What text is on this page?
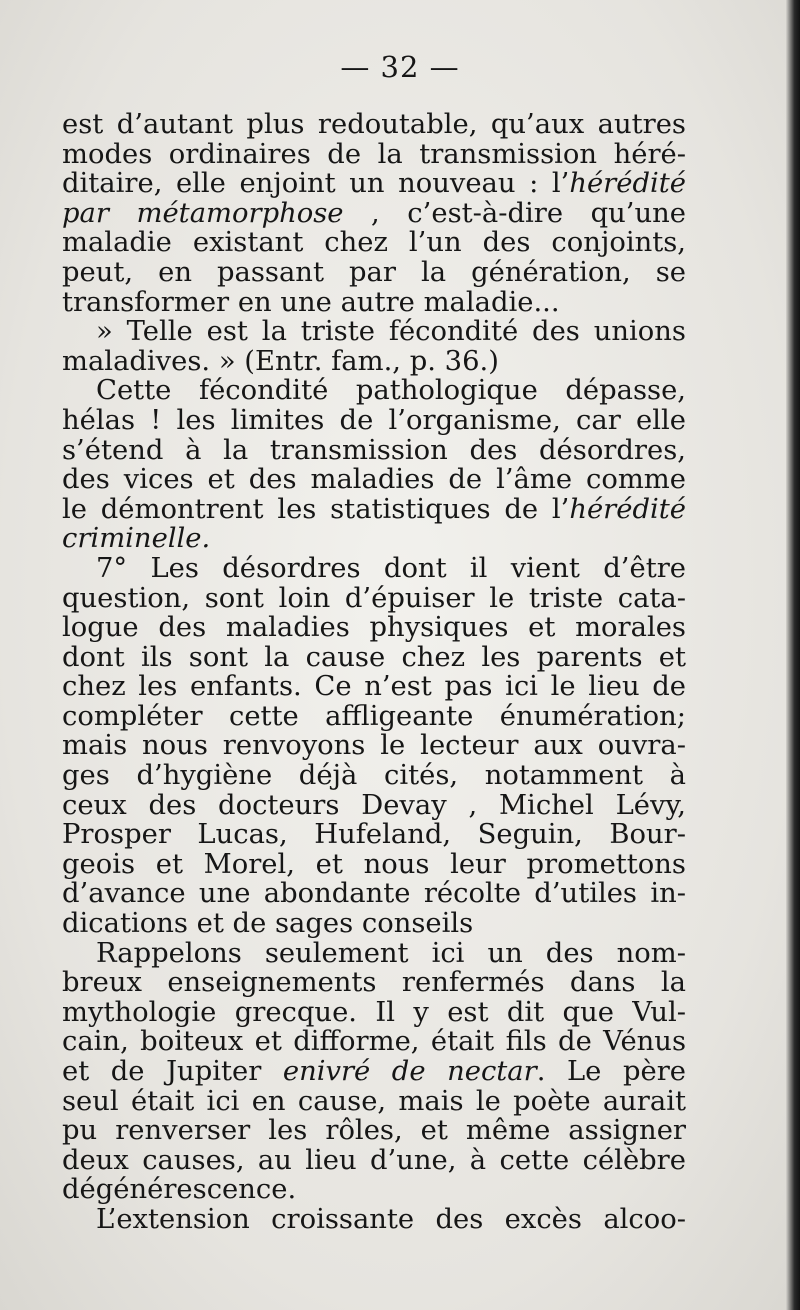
— 32 —
est d’autant plus redoutable, qu’aux autres
modes ordinaires de la transmission héré-
ditaire, elle enjoint un nouveau : l’hérédité
par métamorphose , c’est-à-dire qu’une
maladie existant chez l’un des conjoints,
peut, en passant par la génération, se
transformer en une autre maladie...
» Telle est la triste fécondité des unions
maladives. » (Entr. fam., p. 36.)
Cette fécondité pathologique dépasse,
hélas ! les limites de l’organisme, car elle
s’étend à la transmission des désordres,
des vices et des maladies de l’âme comme
le démontrent les statistiques de l’hérédité
criminelle.
7° Les désordres dont il vient d’être
question, sont loin d’épuiser le triste cata-
logue des maladies physiques et morales
dont ils sont la cause chez les parents et
chez les enfants. Ce n’est pas ici le lieu de
compléter cette affligeante énumération;
mais nous renvoyons le lecteur aux ouvra-
ges d’hygiène déjà cités, notamment à
ceux des docteurs Devay , Michel Lévy,
Prosper Lucas, Hufeland, Seguin, Bour-
geois et Morel, et nous leur promettons
d’avance une abondante récolte d’utiles in-
dications et de sages conseils
Rappelons seulement ici un des nom-
breux enseignements renfermés dans la
mythologie grecque. Il y est dit que Vul-
cain, boiteux et difforme, était fils de Vénus
et de Jupiter enivré de nectar. Le père
seul était ici en cause, mais le poète aurait
pu renverser les rôles, et même assigner
deux causes, au lieu d’une, à cette célèbre
dégénérescence.
L’extension croissante des excès alcoo-
